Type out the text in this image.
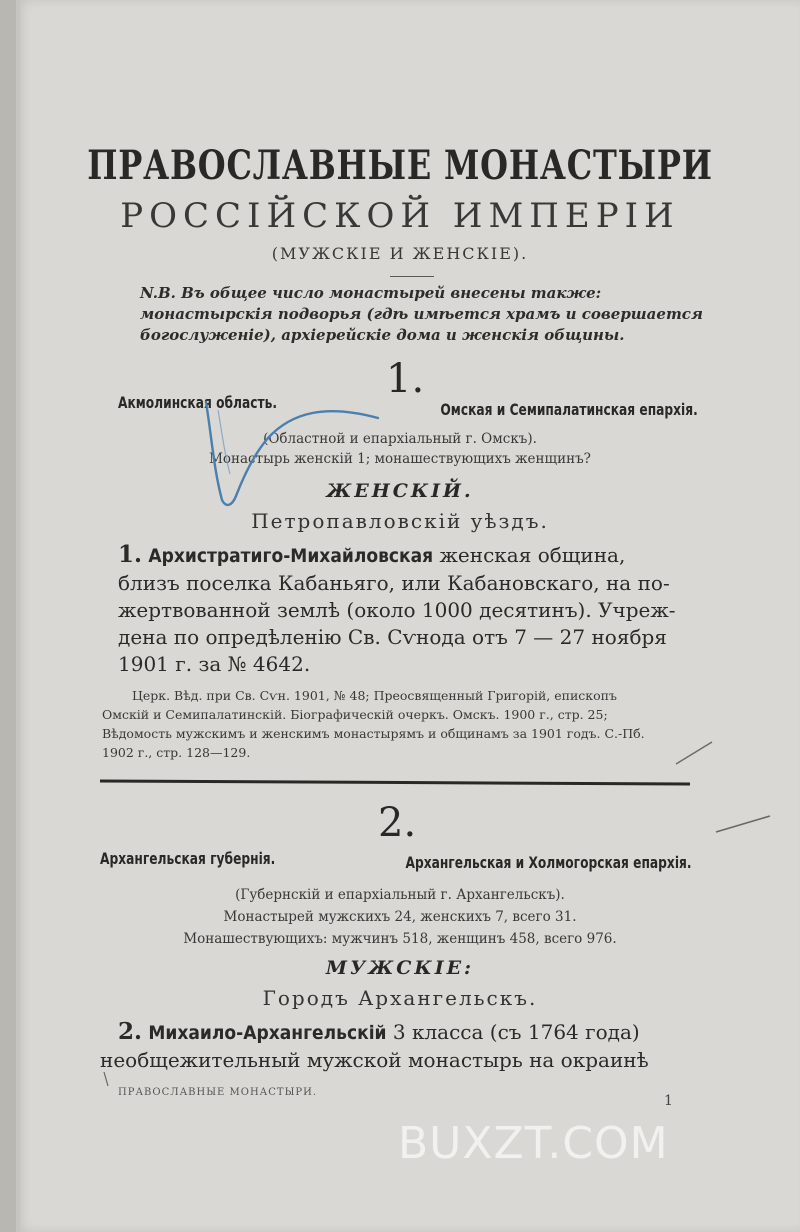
ПРАВОСЛАВНЫЕ МОНАСТЫРИ
РОССІЙСКОЙ ИМПЕРІИ
(МУЖСКІЕ И ЖЕНСКІЕ).
N.B. Въ общее число монастырей внесены также:
монастырскія подворья (гдѣ имѣется храмъ и совершается
богослуженіе), архіерейскіе дома и женскія общины.
1.
Акмолинская область.	Омская и Семипалатинская епархія.
(Областной и епархіальный г. Омскъ).
Монастырь женскій 1; монашествующихъ женщинъ?
ЖЕНСКІЙ.
Петропавловскій уѣздъ.
1. Архистратиго-Михайловская женская община,
близъ поселка Кабаньяго, или Кабановскаго, на по-
жертвованной землѣ (около 1000 десятинъ). Учреж-
дена по опредѣленію Св. Сѵнода отъ 7 — 27 ноября
1901 г. за № 4642.
Церк. Вѣд. при Св. Сѵн. 1901, № 48; Преосвященный Григорій, епископъ
Омскій и Семипалатинскій. Біографическій очеркъ. Омскъ. 1900 г., стр. 25;
Вѣдомость мужскимъ и женскимъ монастырямъ и общинамъ за 1901 годъ. С.-Пб.
1902 г., стр. 128—129.
2.
Архангельская губернія.	Архангельская и Холмогорская епархія.
(Губернскій и епархіальный г. Архангельскъ).
Монастырей мужскихъ 24, женскихъ 7, всего 31.
Монашествующихъ: мужчинъ 518, женщинъ 458, всего 976.
МУЖСКІЕ:
Городъ Архангельскъ.
2. Михаило-Архангельскій 3 класса (съ 1764 года)
необщежительный мужской монастырь на окраинѣ
ПРАВОСЛАВНЫЕ МОНАСТЫРИ.
1
BUXZT.COM
